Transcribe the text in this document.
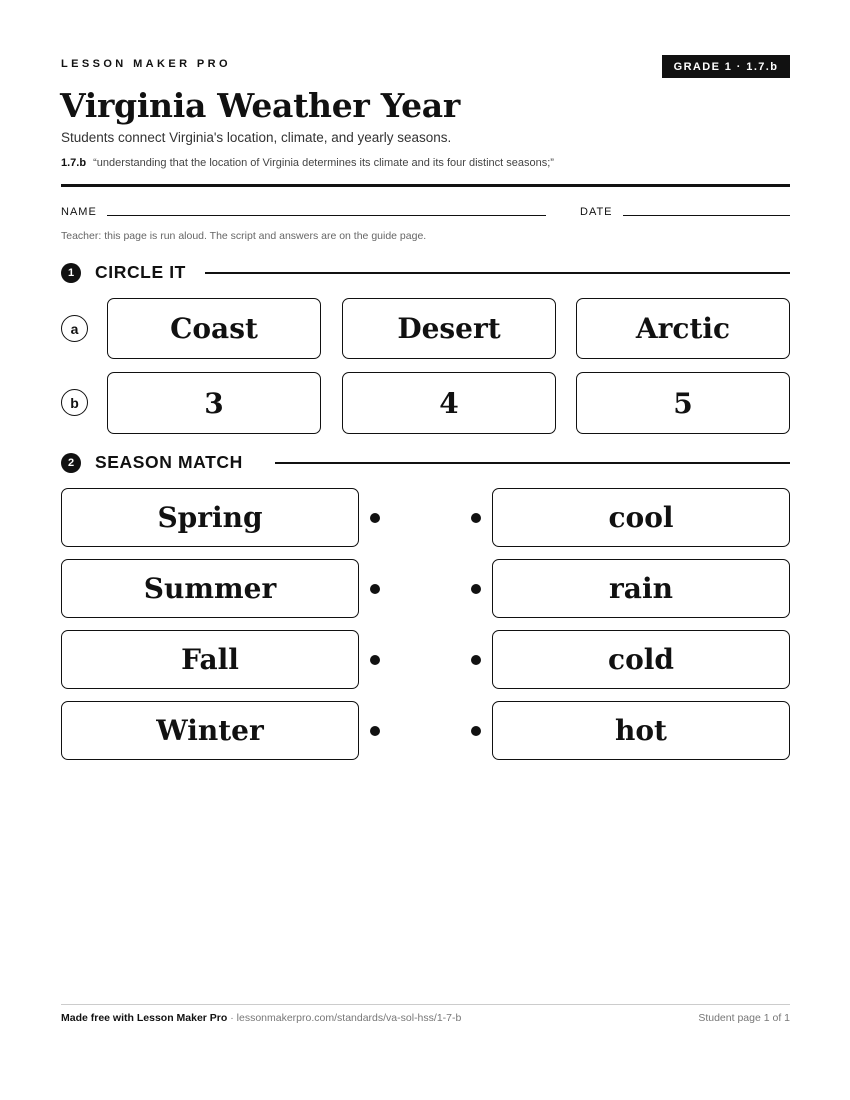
LESSON MAKER PRO	GRADE 1 · 1.7.b
Virginia Weather Year
Students connect Virginia's location, climate, and yearly seasons.
1.7.b “understanding that the location of Virginia determines its climate and its four distinct seasons;”
NAME	DATE
Teacher: this page is run aloud. The script and answers are on the guide page.
1	CIRCLE IT
a	Coast	Desert	Arctic
b	3	4	5
2	SEASON MATCH
Spring	cool
Summer	rain
Fall	cold
Winter	hot
Made free with Lesson Maker Pro · lessonmakerpro.com/standards/va-sol-hss/1-7-b	Student page 1 of 1
